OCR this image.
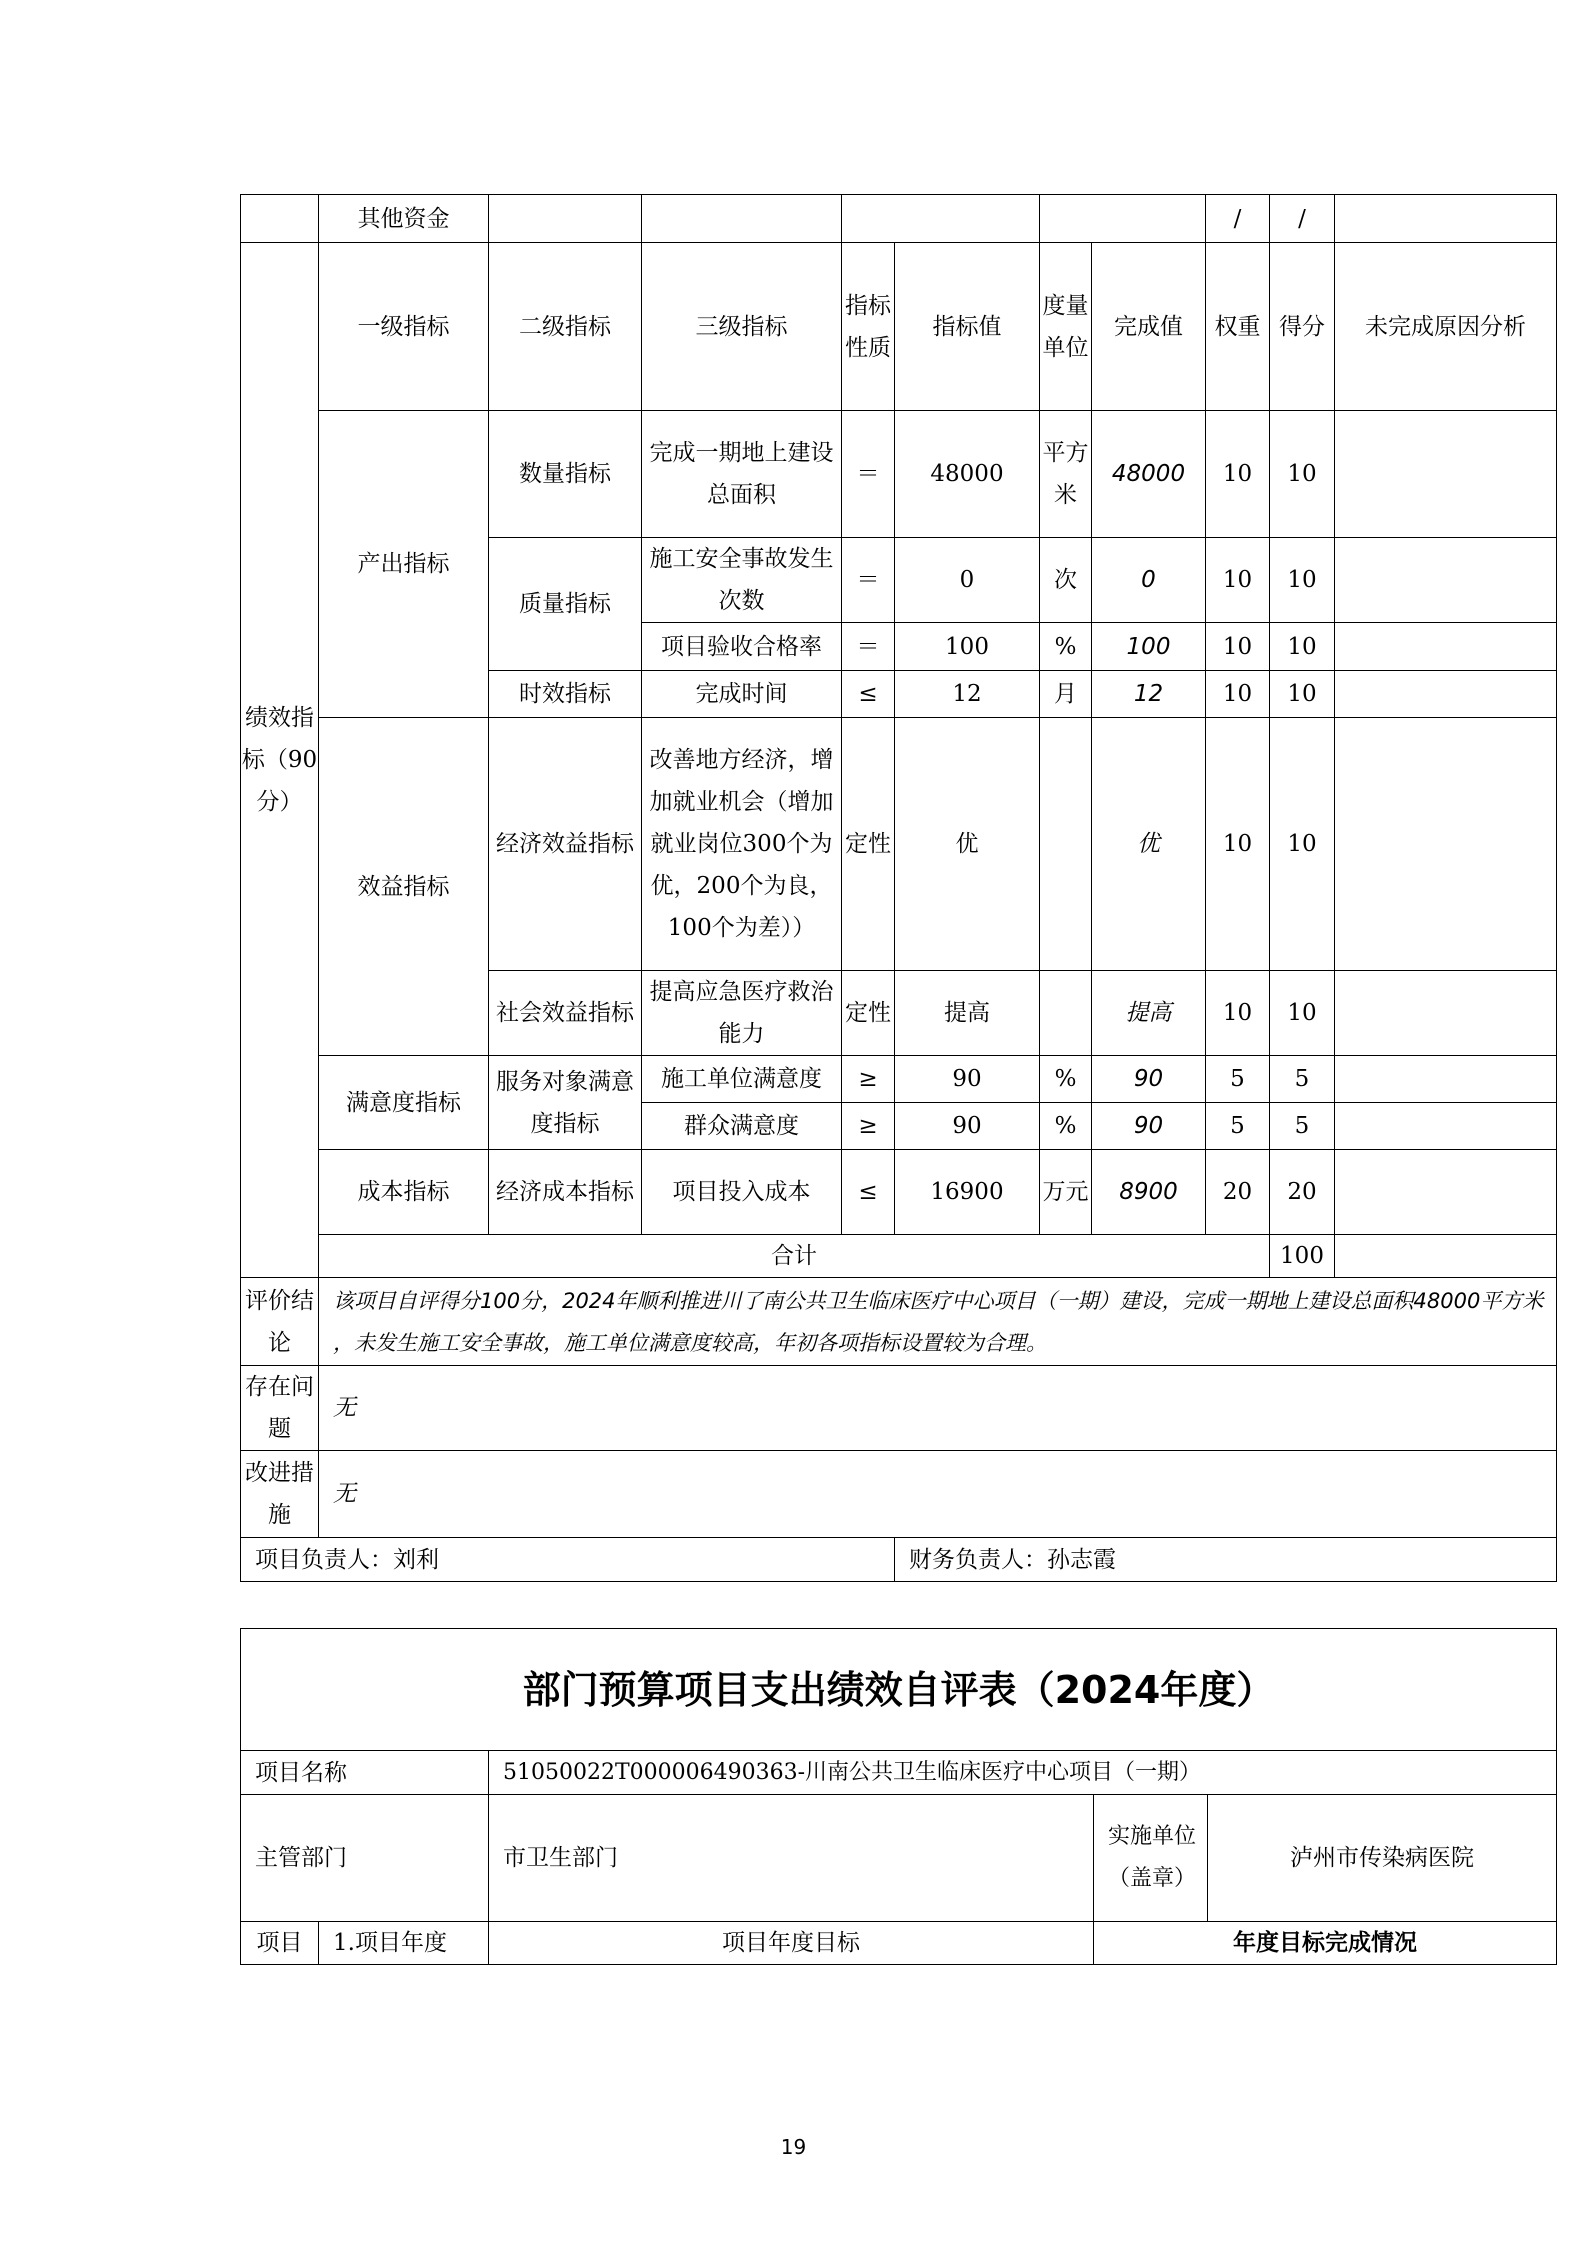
	其他资金							/	/		
绩效指标（90分）	一级指标	二级指标	三级指标	指标性质	指标值	度量单位	完成值	权重	得分	未完成原因分析	
	产出指标	数量指标	完成一期地上建设总面积	＝	48000	平方米	48000	10	10		
		质量指标	施工安全事故发生次数	＝	0	次	0	10	10		
			项目验收合格率	＝	100	%	100	10	10		
		时效指标	完成时间	≤	12	月	12	10	10		
	效益指标	经济效益指标	改善地方经济，增加就业机会（增加就业岗位300个为优，200个为良，100个为差））	定性	优		优	10	10		
		社会效益指标	提高应急医疗救治能力	定性	提高		提高	10	10		
	满意度指标	服务对象满意度指标	施工单位满意度	≥	90	%	90	5	5		
			群众满意度	≥	90	%	90	5	5		
	成本指标	经济成本指标	项目投入成本	≤	16900	万元	8900	20	20		
	合计								100		
评价结论	该项目自评得分100分，2024年顺利推进川了南公共卫生临床医疗中心项目（一期）建设，完成一期地上建设总面积48000平方米 ，未发生施工安全事故，施工单位满意度较高，年初各项指标设置较为合理。										
存在问题	无										
改进措施	无										
项目负责人：刘利					财务负责人：孙志霞						
部门预算项目支出绩效自评表（2024年度）				
项目名称		51050022T000006490363-川南公共卫生临床医疗中心项目（一期）		
主管部门		市卫生部门	实施单位（盖章）	泸州市传染病医院
项目	1.项目年度	项目年度目标	年度目标完成情况	
19
